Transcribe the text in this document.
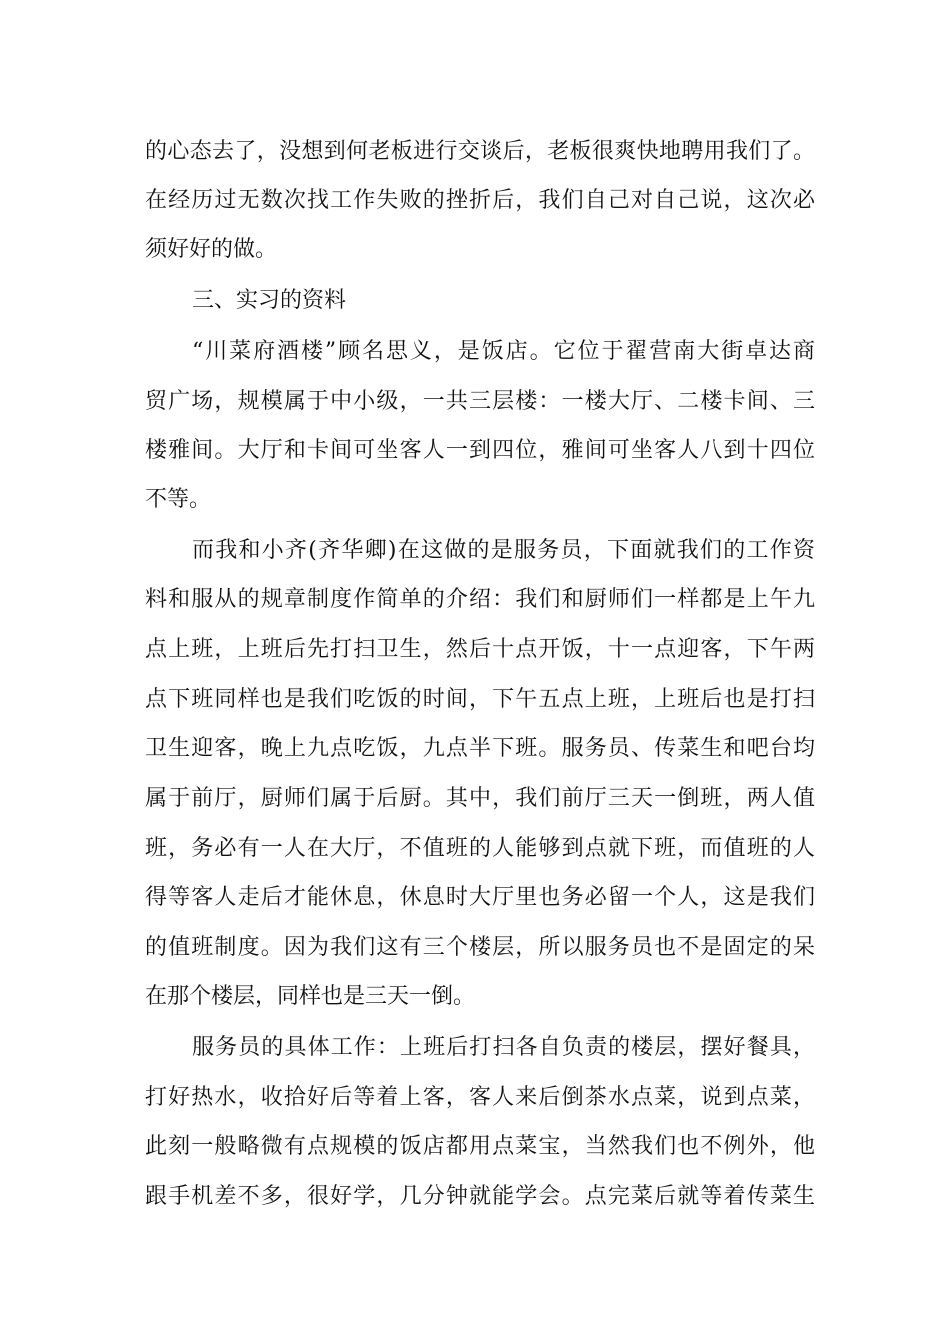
的心态去了，没想到何老板进行交谈后，老板很爽快地聘用我们了。
在经历过无数次找工作失败的挫折后，我们自己对自己说，这次必
须好好的做。
三、实习的资料
“川菜府酒楼”顾名思义，是饭店。它位于翟营南大街卓达商
贸广场，规模属于中小级，一共三层楼：一楼大厅、二楼卡间、三
楼雅间。大厅和卡间可坐客人一到四位，雅间可坐客人八到十四位
不等。
而我和小齐(齐华卿)在这做的是服务员，下面就我们的工作资
料和服从的规章制度作简单的介绍：我们和厨师们一样都是上午九
点上班，上班后先打扫卫生，然后十点开饭，十一点迎客，下午两
点下班同样也是我们吃饭的时间，下午五点上班，上班后也是打扫
卫生迎客，晚上九点吃饭，九点半下班。服务员、传菜生和吧台均
属于前厅，厨师们属于后厨。其中，我们前厅三天一倒班，两人值
班，务必有一人在大厅，不值班的人能够到点就下班，而值班的人
得等客人走后才能休息，休息时大厅里也务必留一个人，这是我们
的值班制度。因为我们这有三个楼层，所以服务员也不是固定的呆
在那个楼层，同样也是三天一倒。
服务员的具体工作：上班后打扫各自负责的楼层，摆好餐具，
打好热水，收拾好后等着上客，客人来后倒茶水点菜，说到点菜，
此刻一般略微有点规模的饭店都用点菜宝，当然我们也不例外，他
跟手机差不多，很好学，几分钟就能学会。点完菜后就等着传菜生
